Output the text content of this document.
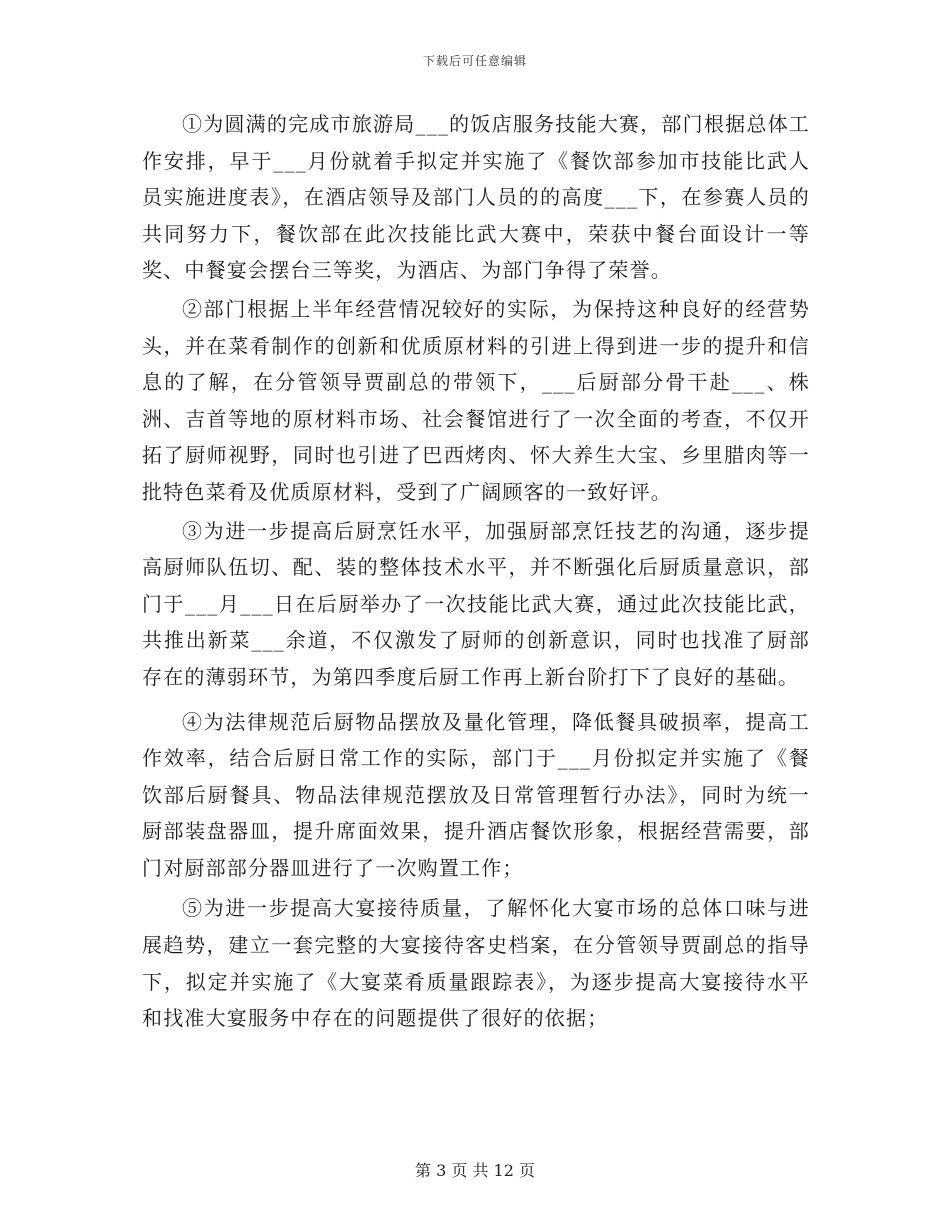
下载后可任意编辑

①为圆满的完成市旅游局___的饭店服务技能大赛，部门根据总体工作安排，早于___月份就着手拟定并实施了《餐饮部参加市技能比武人员实施进度表》，在酒店领导及部门人员的的高度___下，在参赛人员的共同努力下，餐饮部在此次技能比武大赛中，荣获中餐台面设计一等奖、中餐宴会摆台三等奖，为酒店、为部门争得了荣誉。

②部门根据上半年经营情况较好的实际，为保持这种良好的经营势头，并在菜肴制作的创新和优质原材料的引进上得到进一步的提升和信息的了解，在分管领导贾副总的带领下，___后厨部分骨干赴___、株洲、吉首等地的原材料市场、社会餐馆进行了一次全面的考查，不仅开拓了厨师视野，同时也引进了巴西烤肉、怀大养生大宝、乡里腊肉等一批特色菜肴及优质原材料，受到了广阔顾客的一致好评。

③为进一步提高后厨烹饪水平，加强厨部烹饪技艺的沟通，逐步提高厨师队伍切、配、装的整体技术水平，并不断强化后厨质量意识，部门于___月___日在后厨举办了一次技能比武大赛，通过此次技能比武，共推出新菜___余道，不仅激发了厨师的创新意识，同时也找准了厨部存在的薄弱环节，为第四季度后厨工作再上新台阶打下了良好的基础。

④为法律规范后厨物品摆放及量化管理，降低餐具破损率，提高工作效率，结合后厨日常工作的实际，部门于___月份拟定并实施了《餐饮部后厨餐具、物品法律规范摆放及日常管理暂行办法》，同时为统一厨部装盘器皿，提升席面效果，提升酒店餐饮形象，根据经营需要，部门对厨部部分器皿进行了一次购置工作；

⑤为进一步提高大宴接待质量，了解怀化大宴市场的总体口味与进展趋势，建立一套完整的大宴接待客史档案，在分管领导贾副总的指导下，拟定并实施了《大宴菜肴质量跟踪表》，为逐步提高大宴接待水平和找准大宴服务中存在的问题提供了很好的依据；

第 3 页 共 12 页
